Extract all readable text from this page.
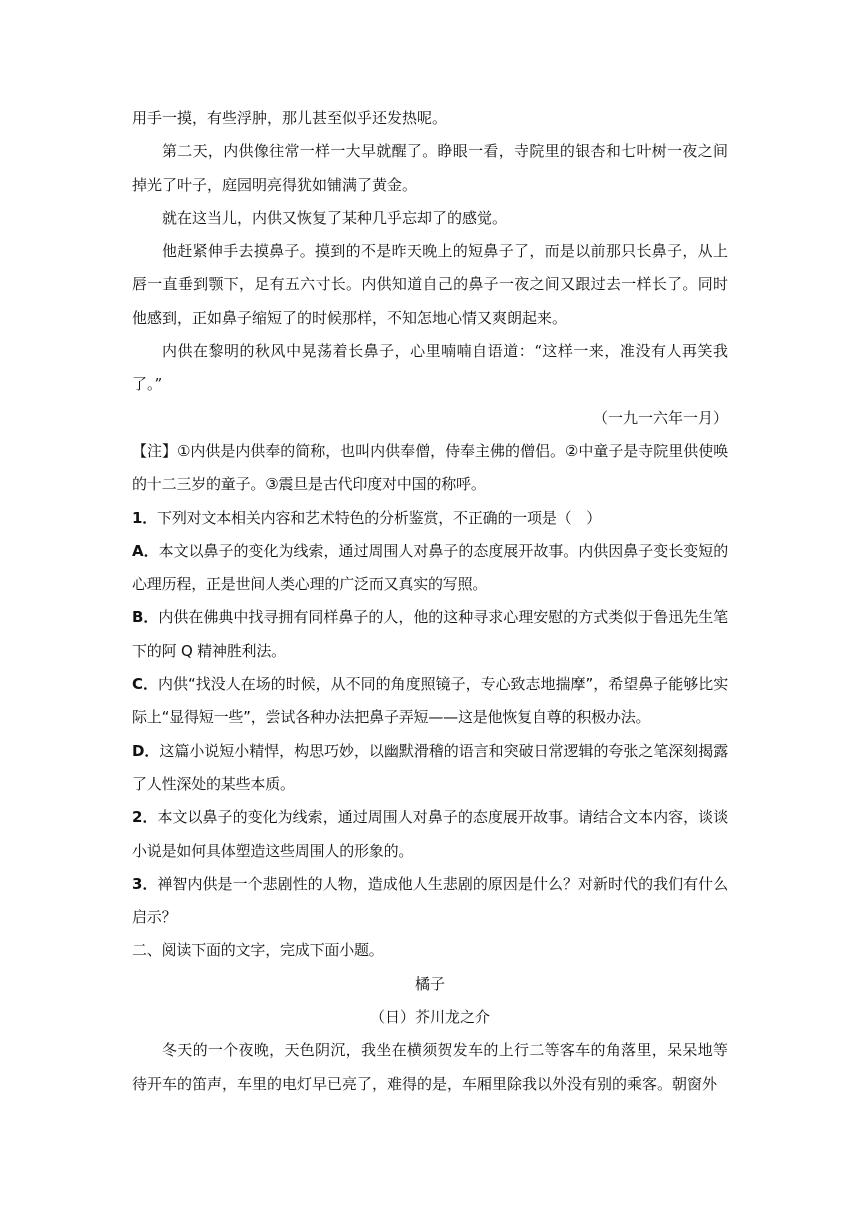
用手一摸，有些浮肿，那儿甚至似乎还发热呢。

第二天，内供像往常一样一大早就醒了。睁眼一看，寺院里的银杏和七叶树一夜之间掉光了叶子，庭园明亮得犹如铺满了黄金。

就在这当儿，内供又恢复了某种几乎忘却了的感觉。

他赶紧伸手去摸鼻子。摸到的不是昨天晚上的短鼻子了，而是以前那只长鼻子，从上唇一直垂到颚下，足有五六寸长。内供知道自己的鼻子一夜之间又跟过去一样长了。同时他感到，正如鼻子缩短了的时候那样，不知怎地心情又爽朗起来。

内供在黎明的秋风中晃荡着长鼻子，心里喃喃自语道：“这样一来，准没有人再笑我了。”

（一九一六年一月）

【注】①内供是内供奉的简称，也叫内供奉僧，侍奉主佛的僧侣。②中童子是寺院里供使唤的十二三岁的童子。③震旦是古代印度对中国的称呼。

1．下列对文本相关内容和艺术特色的分析鉴赏，不正确的一项是（　）

A．本文以鼻子的变化为线索，通过周围人对鼻子的态度展开故事。内供因鼻子变长变短的心理历程，正是世间人类心理的广泛而又真实的写照。

B．内供在佛典中找寻拥有同样鼻子的人，他的这种寻求心理安慰的方式类似于鲁迅先生笔下的阿 Q 精神胜利法。

C．内供“找没人在场的时候，从不同的角度照镜子，专心致志地揣摩”，希望鼻子能够比实际上“显得短一些”，尝试各种办法把鼻子弄短——这是他恢复自尊的积极办法。

D．这篇小说短小精悍，构思巧妙，以幽默滑稽的语言和突破日常逻辑的夸张之笔深刻揭露了人性深处的某些本质。

2．本文以鼻子的变化为线索，通过周围人对鼻子的态度展开故事。请结合文本内容，谈谈小说是如何具体塑造这些周围人的形象的。

3．禅智内供是一个悲剧性的人物，造成他人生悲剧的原因是什么？对新时代的我们有什么启示？

二、阅读下面的文字，完成下面小题。

橘子

（日）芥川龙之介

冬天的一个夜晚，天色阴沉，我坐在横须贺发车的上行二等客车的角落里，呆呆地等待开车的笛声，车里的电灯早已亮了，难得的是，车厢里除我以外没有别的乘客。朝窗外
